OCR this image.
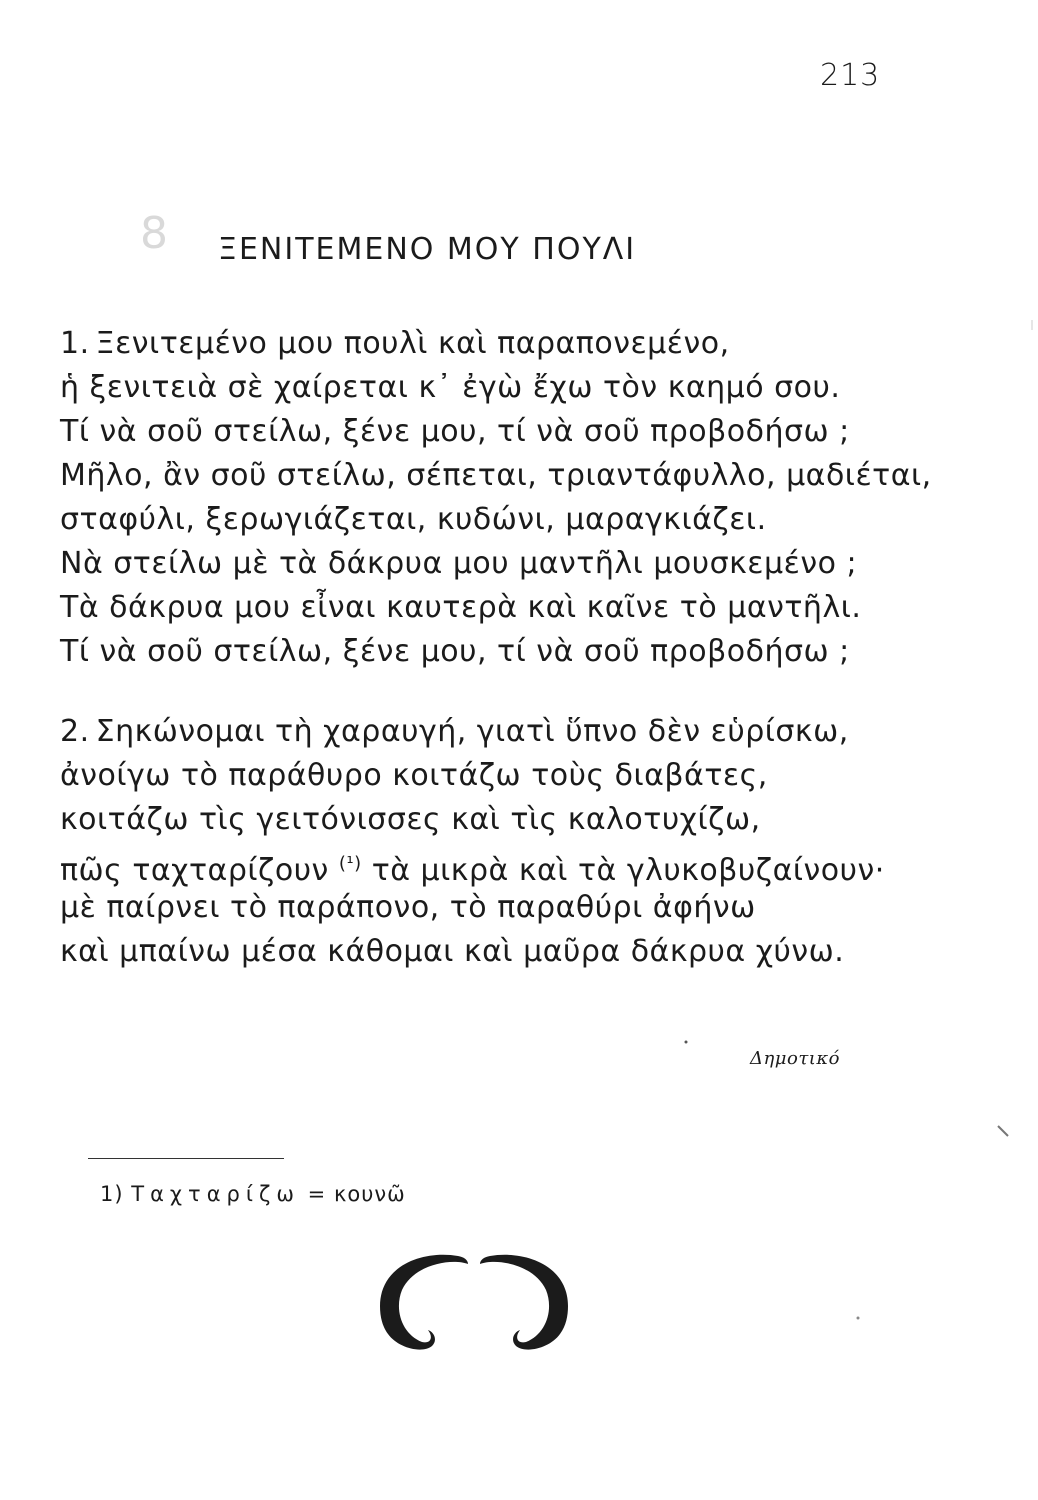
213
8 ΞΕΝΙΤΕΜΕΝΟ ΜΟΥ ΠΟΥΛΙ
1. Ξενιτεμένο μου πουλὶ καὶ παραπονεμένο,
ἡ ξενιτειὰ σὲ χαίρεται κ᾿ ἐγὼ ἔχω τὸν καημό σου.
Τί νὰ σοῦ στείλω, ξένε μου, τί νὰ σοῦ προβοδήσω ;
Μῆλο, ἂν σοῦ στείλω, σέπεται, τριαντάφυλλο, μαδιέται,
σταφύλι, ξερωγιάζεται, κυδώνι, μαραγκιάζει.
Νὰ στείλω μὲ τὰ δάκρυα μου μαντῆλι μουσκεμένο ;
Τὰ δάκρυα μου εἶναι καυτερὰ καὶ καῖνε τὸ μαντῆλι.
Τί νὰ σοῦ στείλω, ξένε μου, τί νὰ σοῦ προβοδήσω ;
2. Σηκώνομαι τὴ χαραυγή, γιατὶ ὕπνο δὲν εὑρίσκω,
ἀνοίγω τὸ παράθυρο κοιτάζω τοὺς διαβάτες,
κοιτάζω τὶς γειτόνισσες καὶ τὶς καλοτυχίζω,
πῶς ταχταρίζουν $^{(^1)}$ τὰ μικρὰ καὶ τὰ γλυκοβυζαίνουν·
μὲ παίρνει τὸ παράπονο, τὸ παραθύρι ἀφήνω
καὶ μπαίνω μέσα κάθομαι καὶ μαῦρα δάκρυα χύνω.
Δημοτικό
1) Ταχταρίζω = κουνῶ
